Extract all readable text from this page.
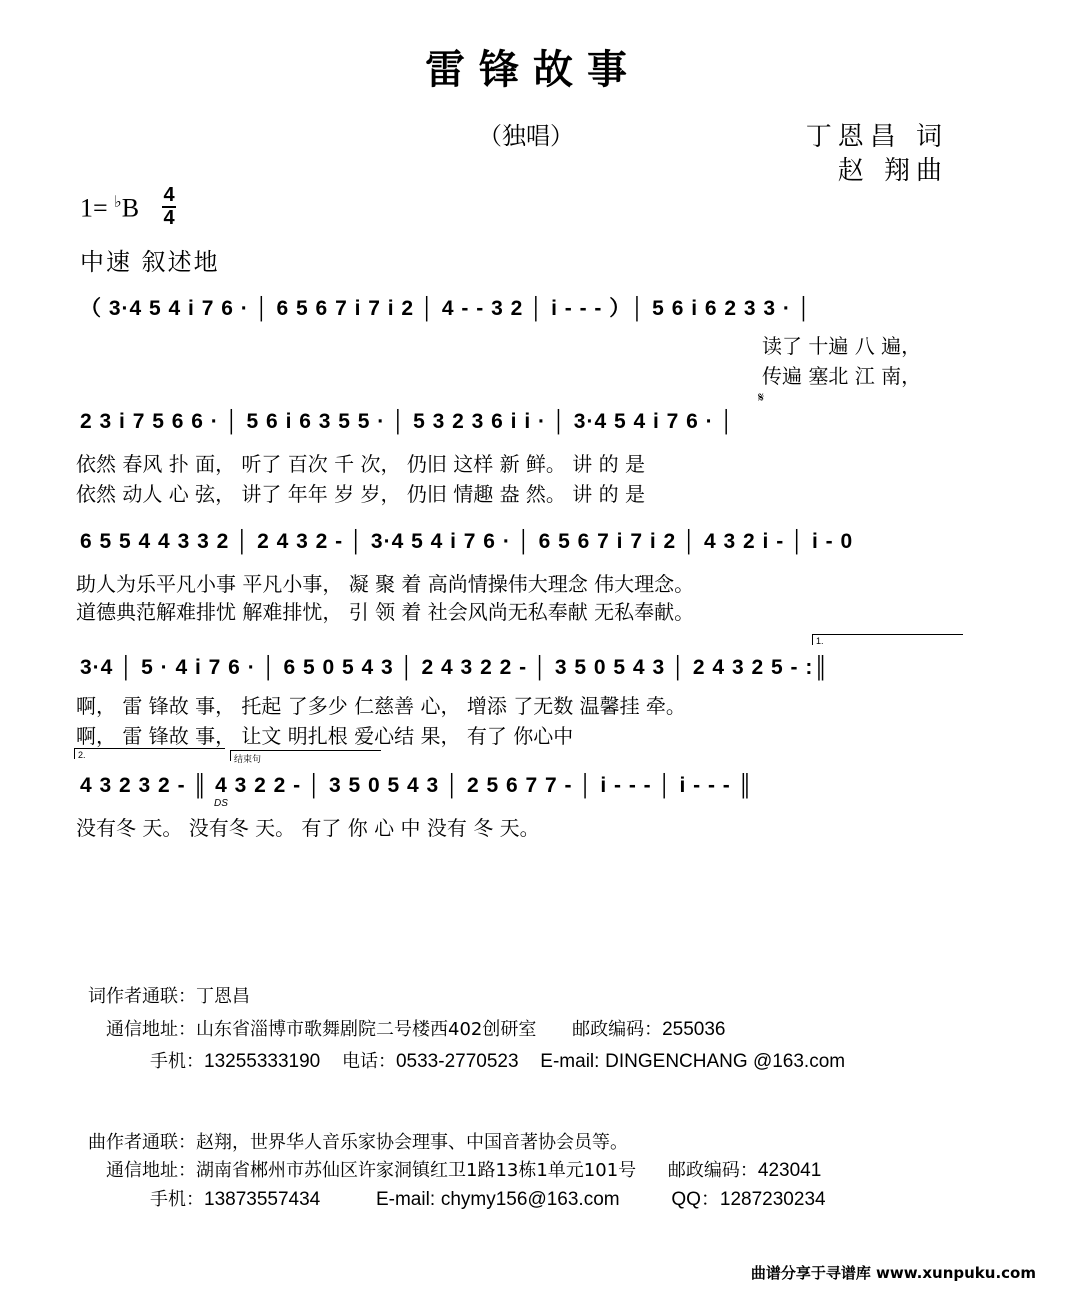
雷锋故事
（独唱）	丁恩昌 词
赵 翔曲
1= ♭B 4
4
中速 叙述地
（ 3·4 5 4 i 7 6 · │ 6 5 6 7 i 7 i 2 │ 4 - - 3 2 │ i - - - ）│ 5 6 i 6 2 3 3 · │
读了 十遍 八 遍，
传遍 塞北 江 南，
𝄋
2 3 i 7 5 6 6 · │ 5 6 i 6 3 5 5 · │ 5 3 2 3 6 i i · │ 3·4 5 4 i 7 6 · │
依然 春风 扑 面， 听了 百次 千 次， 仍旧 这样 新 鲜。 讲 的 是
依然 动人 心 弦， 讲了 年年 岁 岁， 仍旧 情趣 盎 然。 讲 的 是
6 5 5 4 4 3 3 2 │ 2 4 3 2 - │ 3·4 5 4 i 7 6 · │ 6 5 6 7 i 7 i 2 │ 4 3 2 i - │ i - 0
助人为乐平凡小事 平凡小事， 凝 聚 着 高尚情操伟大理念 伟大理念。
道德典范解难排忧 解难排忧， 引 领 着 社会风尚无私奉献 无私奉献。
1.
3·4 │ 5 · 4 i 7 6 · │ 6 5 0 5 4 3 │ 2 4 3 2 2 - │ 3 5 0 5 4 3 │ 2 4 3 2 5 - :║
啊， 雷 锋故 事， 托起 了多少 仁慈善 心， 增添 了无数 温馨挂 牵。
啊， 雷 锋故 事， 让文 明扎根 爱心结 果， 有了 你心中
2.	结束句
4 3 2 3 2 - ║ 4 3 2 2 - │ 3 5 0 5 4 3 │ 2 5 6 7 7 - │ i - - - │ i - - - ║
DS
没有冬 天。 没有冬 天。 有了 你 心 中 没有 冬 天。
词作者通联：丁恩昌
通信地址：山东省淄博市歌舞剧院二号楼西402创研室 邮政编码：255036
手机：13255333190 电话：0533-2770523 E-mail: DINGENCHANG @163.com
曲作者通联：赵翔，世界华人音乐家协会理事、中国音著协会员等。
通信地址：湖南省郴州市苏仙区许家洞镇红卫1路13栋1单元101号 邮政编码：423041
手机：13873557434	E-mail: chymy156@163.com	QQ：1287230234
曲谱分享于寻谱库 www.xunpuku.com
